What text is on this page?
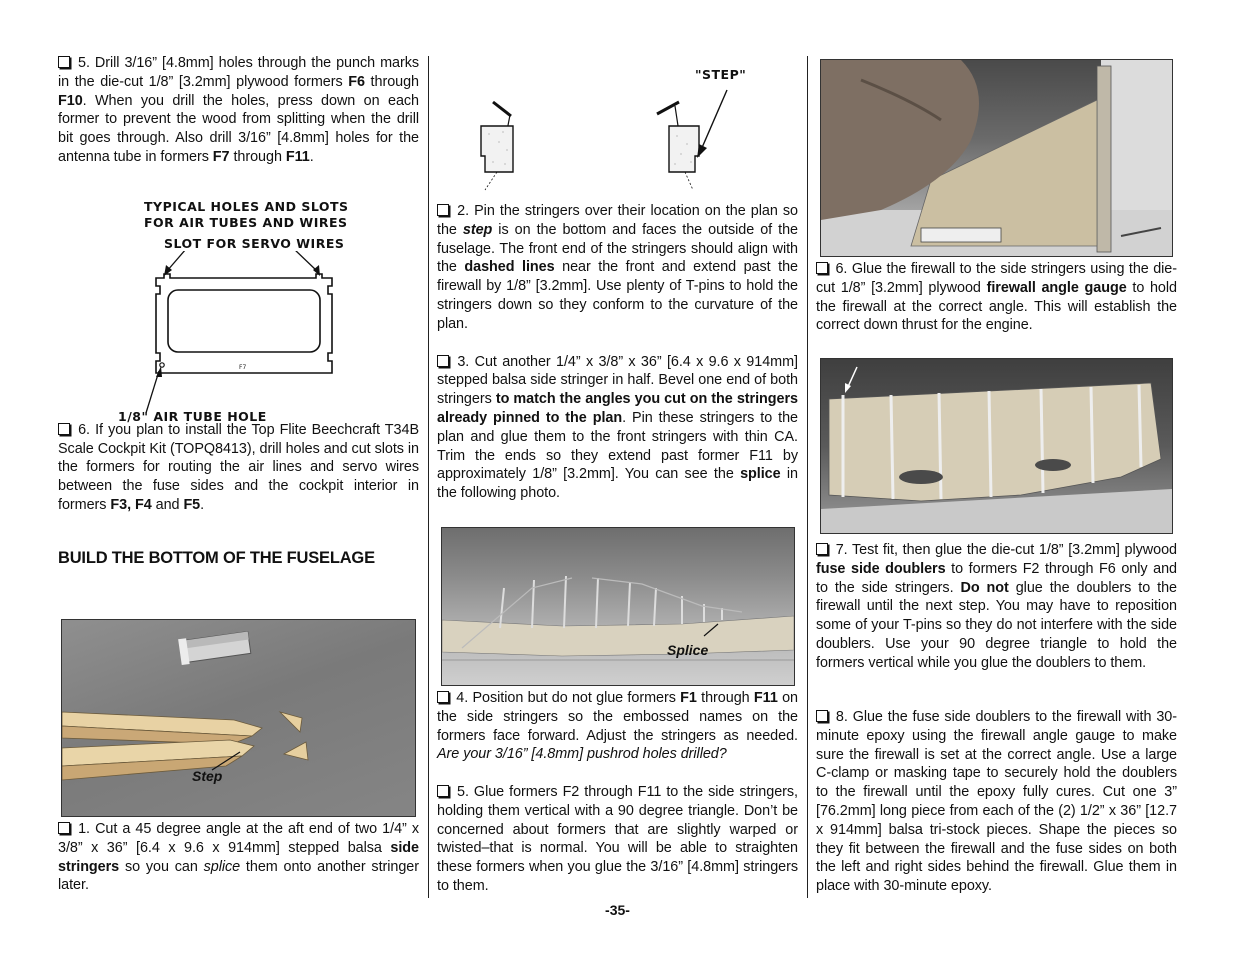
5. Drill 3/16” [4.8mm] holes through the punch marks in the die-cut 1/8” [3.2mm] plywood formers F6 through F10. When you drill the holes, press down on each former to prevent the wood from splitting when the drill bit goes through. Also drill 3/16” [4.8mm] holes for the antenna tube in formers F7 through F11.

TYPICAL HOLES AND SLOTS
FOR AIR TUBES AND WIRES
SLOT FOR SERVO WIRES
F7
1/8" AIR TUBE HOLE

6. If you plan to install the Top Flite Beechcraft T34B Scale Cockpit Kit (TOPQ8413), drill holes and cut slots in the formers for routing the air lines and servo wires between the fuse sides and the cockpit interior in formers F3, F4 and F5.

BUILD THE BOTTOM OF THE FUSELAGE
Step

1. Cut a 45 degree angle at the aft end of two 1/4” x 3/8” x 36” [6.4 x 9.6 x 914mm] stepped balsa side stringers so you can splice them onto another stringer later.

"STEP"

2. Pin the stringers over their location on the plan so the step is on the bottom and faces the outside of the fuselage. The front end of the stringers should align with the dashed lines near the front and extend past the firewall by 1/8” [3.2mm]. Use plenty of T-pins to hold the stringers down so they conform to the curvature of the plan.

3. Cut another 1/4” x 3/8” x 36” [6.4 x 9.6 x 914mm] stepped balsa side stringer in half. Bevel one end of both stringers to match the angles you cut on the stringers already pinned to the plan. Pin these stringers to the plan and glue them to the front stringers with thin CA. Trim the ends so they extend past former F11 by approximately 1/8” [3.2mm]. You can see the splice in the following photo.

Splice

4. Position but do not glue formers F1 through F11 on the side stringers so the embossed names on the formers face forward. Adjust the stringers as needed. Are your 3/16” [4.8mm] pushrod holes drilled?

5. Glue formers F2 through F11 to the side stringers, holding them vertical with a 90 degree triangle. Don’t be concerned about formers that are slightly warped or twisted–that is normal. You will be able to straighten these formers when you glue the 3/16” [4.8mm] stringers to them.

6. Glue the firewall to the side stringers using the die-cut 1/8” [3.2mm] plywood firewall angle gauge to hold the firewall at the correct angle. This will establish the correct down thrust for the engine.

7. Test fit, then glue the die-cut 1/8” [3.2mm] plywood fuse side doublers to formers F2 through F6 only and to the side stringers. Do not glue the doublers to the firewall until the next step. You may have to reposition some of your T-pins so they do not interfere with the side doublers. Use your 90 degree triangle to hold the formers vertical while you glue the doublers to them.

8. Glue the fuse side doublers to the firewall with 30-minute epoxy using the firewall angle gauge to make sure the firewall is set at the correct angle. Use a large C-clamp or masking tape to securely hold the doublers to the firewall until the epoxy fully cures. Cut one 3” [76.2mm] long piece from each of the (2) 1/2” x 36” [12.7 x 914mm] balsa tri-stock pieces. Shape the pieces so they fit between the firewall and the fuse sides on both the left and right sides behind the firewall. Glue them in place with 30-minute epoxy.

-35-
